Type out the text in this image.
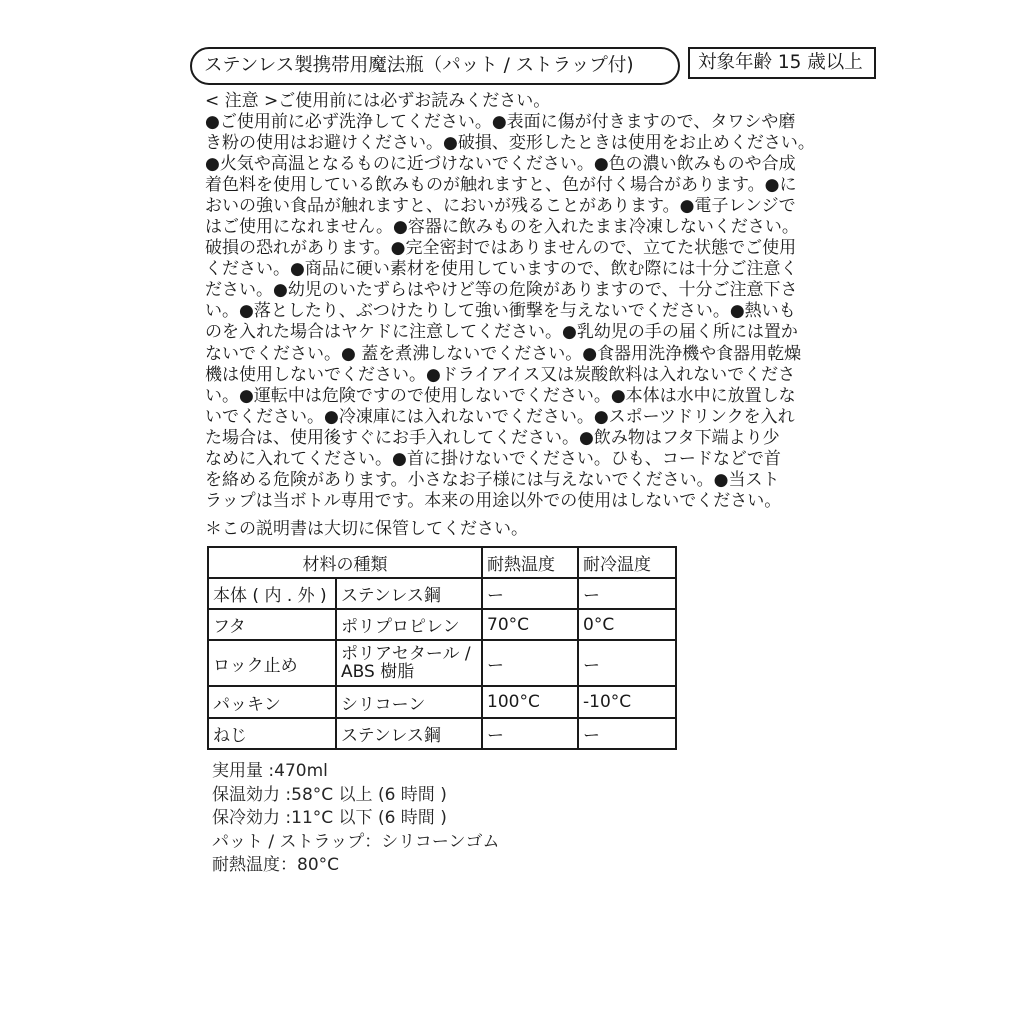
ステンレス製携帯用魔法瓶（パット / ストラップ付)	対象年齢 15 歳以上
< 注意 >ご使用前には必ずお読みください。
●ご使用前に必ず洗浄してください。●表面に傷が付きますので、タワシや磨
き粉の使用はお避けください。●破損、変形したときは使用をお止めください。
●火気や高温となるものに近づけないでください。●色の濃い飲みものや合成
着色料を使用している飲みものが触れますと、色が付く場合があります。●に
おいの強い食品が触れますと、においが残ることがあります。●電子レンジで
はご使用になれません。●容器に飲みものを入れたまま冷凍しないください。
破損の恐れがあります。●完全密封ではありませんので、立てた状態でご使用
ください。●商品に硬い素材を使用していますので、飲む際には十分ご注意く
ださい。●幼児のいたずらはやけど等の危険がありますので、十分ご注意下さ
い。●落としたり、ぶつけたりして強い衝撃を与えないでください。●熱いも
のを入れた場合はヤケドに注意してください。●乳幼児の手の届く所には置か
ないでください。● 蓋を煮沸しないでください。●食器用洗浄機や食器用乾燥
機は使用しないでください。●ドライアイス又は炭酸飲料は入れないでくださ
い。●運転中は危険ですので使用しないでください。●本体は水中に放置しな
いでください。●冷凍庫には入れないでください。●スポーツドリンクを入れ
た場合は、使用後すぐにお手入れしてください。●飲み物はフタ下端より少
なめに入れてください。●首に掛けないでください。ひも、コードなどで首
を絡める危険があります。小さなお子様には与えないでください。●当スト
ラップは当ボトル専用です。本来の用途以外での使用はしないでください。
＊この説明書は大切に保管してください。
材料の種類		耐熱温度	耐冷温度
本体 ( 内 . 外 )	ステンレス鋼	ー	ー
フタ	ポリプロピレン	70°C	0°C
ロック止め	ポリアセタール / ABS 樹脂	ー	ー
パッキン	シリコーン	100°C	-10°C
ねじ	ステンレス鋼	ー	ー
実用量 :470ml
保温効力 :58°C 以上 (6 時間 )
保冷効力 :11°C 以下 (6 時間 )
パット / ストラップ：シリコーンゴム
耐熱温度：80°C
